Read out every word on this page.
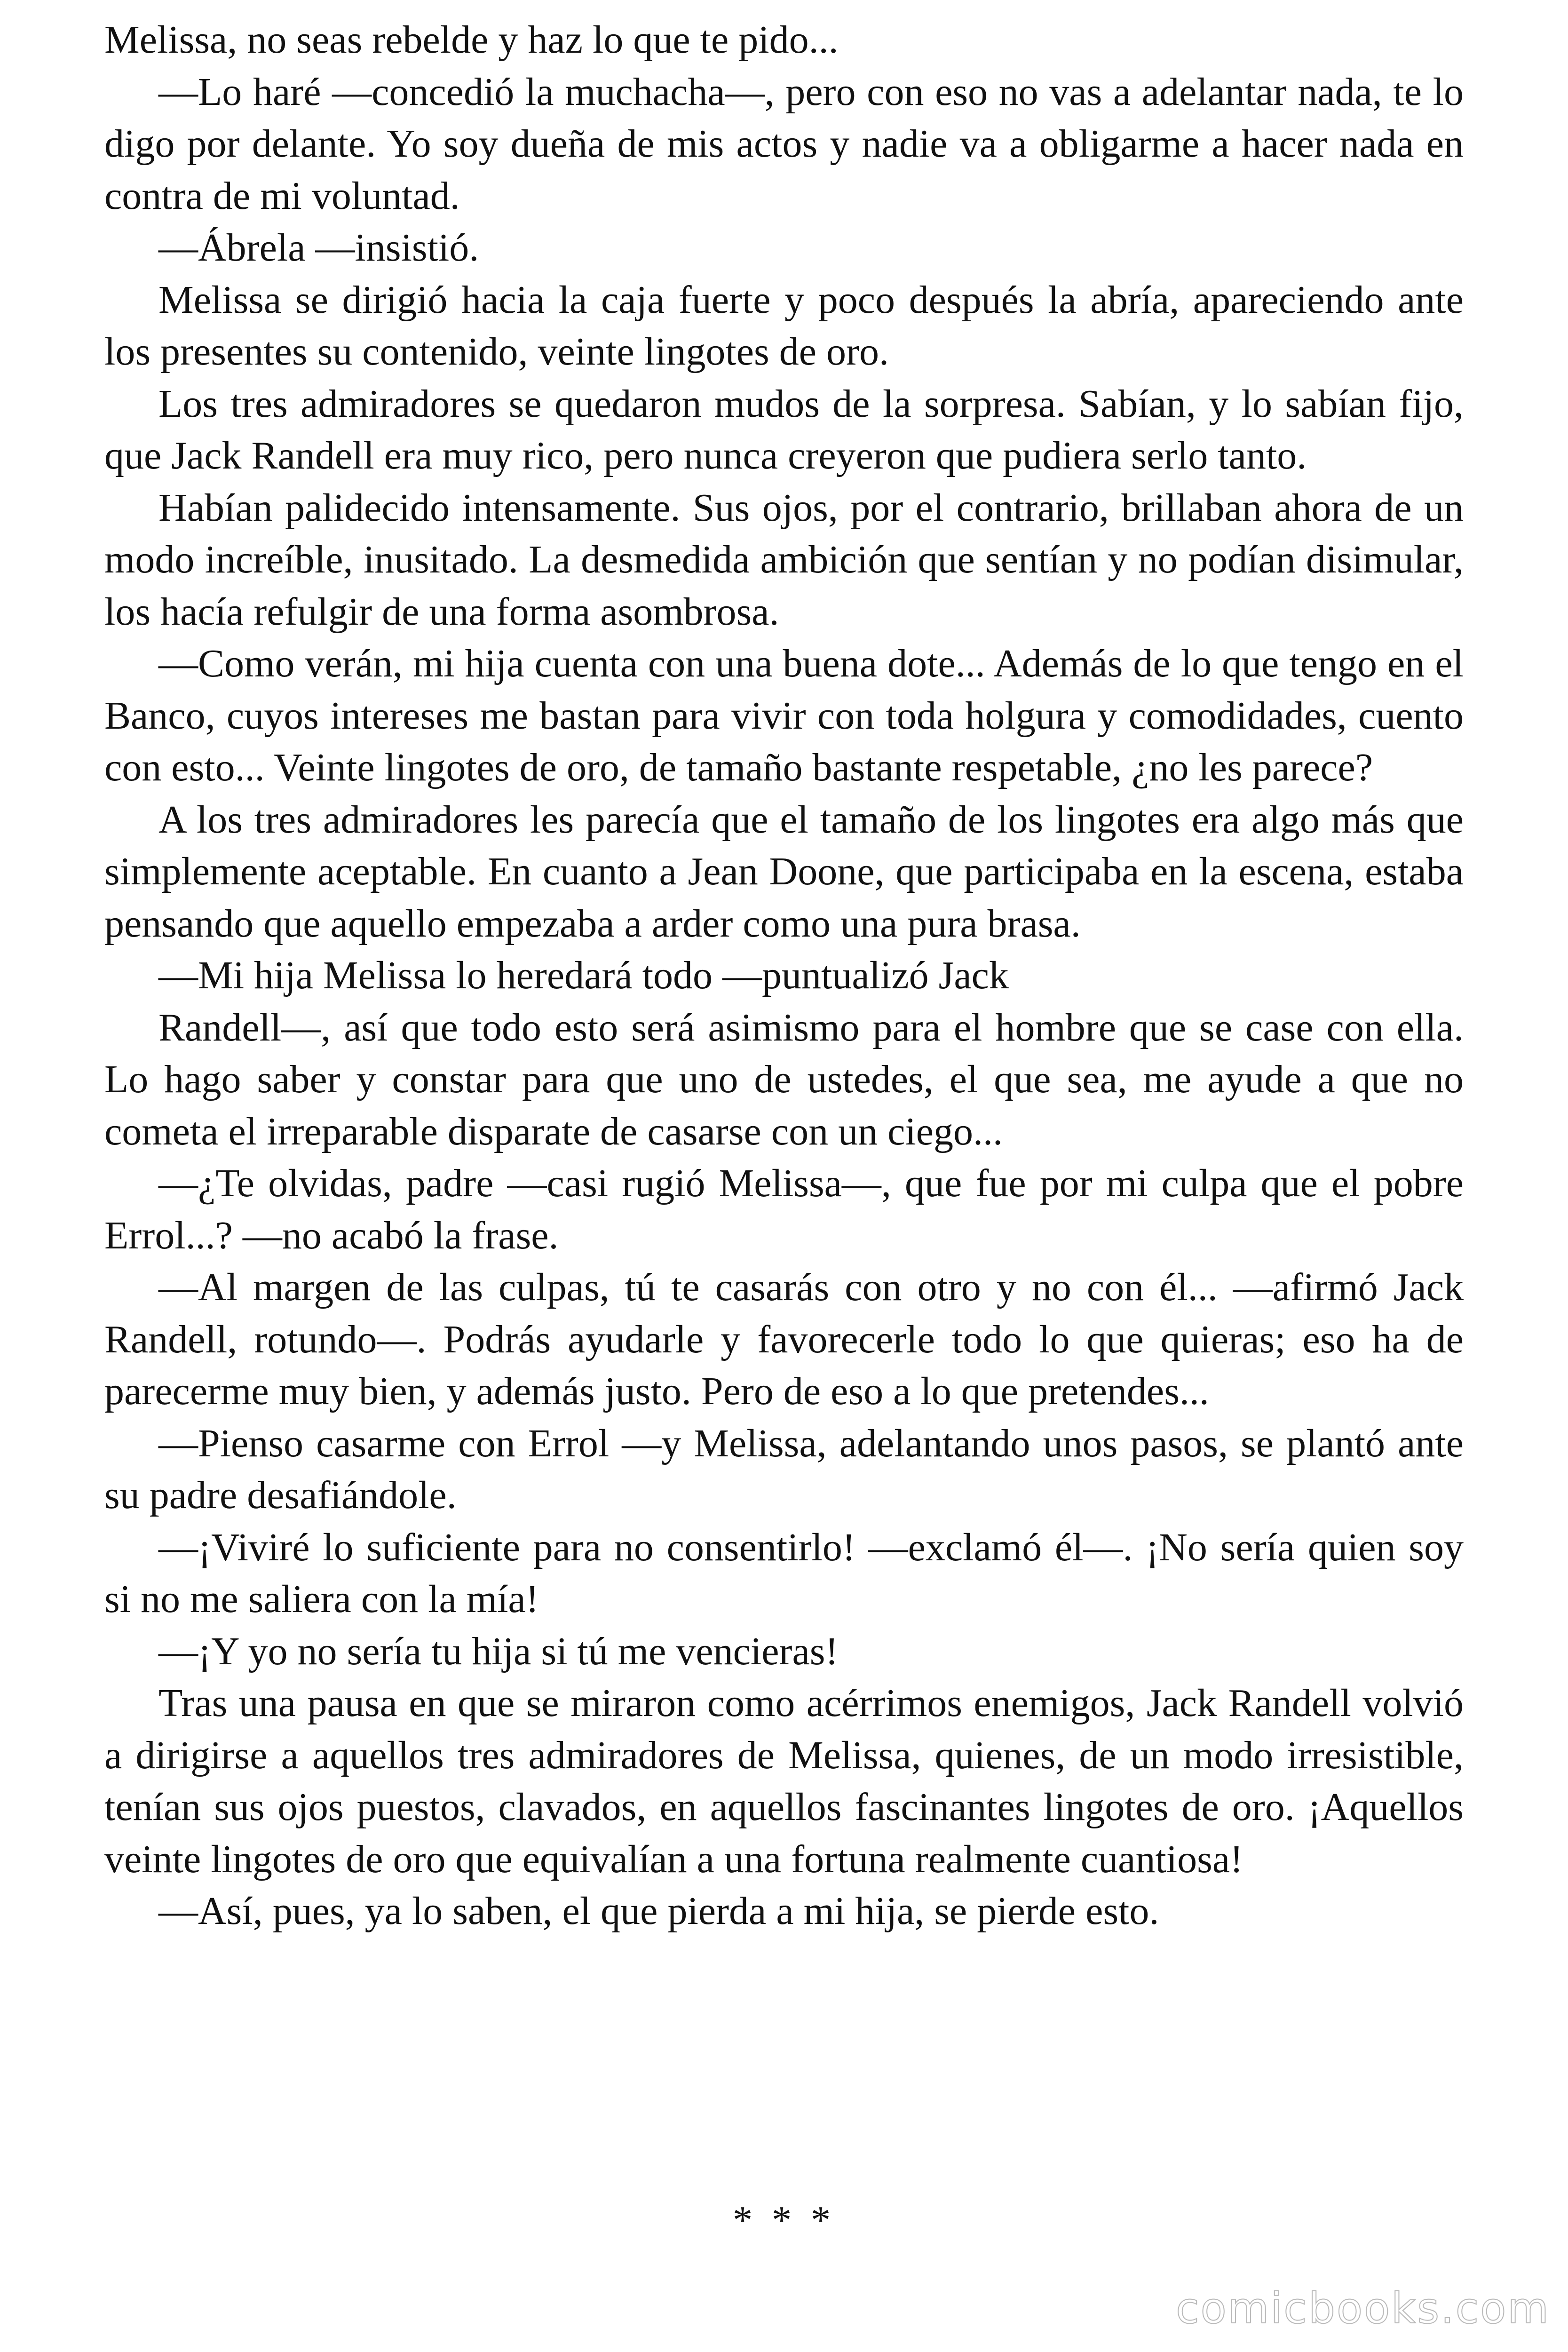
Melissa, no seas rebelde y haz lo que te pido...

—Lo haré —concedió la muchacha—, pero con eso no vas a adelantar nada, te lo digo por delante. Yo soy dueña de mis actos y nadie va a obligarme a hacer nada en contra de mi voluntad.

—Ábrela —insistió.

Melissa se dirigió hacia la caja fuerte y poco después la abría, apareciendo ante los presentes su contenido, veinte lingotes de oro.

Los tres admiradores se quedaron mudos de la sorpresa. Sabían, y lo sabían fijo, que Jack Randell era muy rico, pero nunca creyeron que pudiera serlo tanto.

Habían palidecido intensamente. Sus ojos, por el contrario, brillaban ahora de un modo increíble, inusitado. La desmedida ambición que sentían y no podían disimular, los hacía refulgir de una forma asombrosa.

—Como verán, mi hija cuenta con una buena dote... Además de lo que tengo en el Banco, cuyos intereses me bastan para vivir con toda holgura y comodidades, cuento con esto... Veinte lingotes de oro, de tamaño bastante respetable, ¿no les parece?

A los tres admiradores les parecía que el tamaño de los lingotes era algo más que simplemente aceptable. En cuanto a Jean Doone, que participaba en la escena, estaba pensando que aquello empezaba a arder como una pura brasa.

—Mi hija Melissa lo heredará todo —puntualizó Jack

Randell—, así que todo esto será asimismo para el hombre que se case con ella. Lo hago saber y constar para que uno de ustedes, el que sea, me ayude a que no cometa el irreparable disparate de casarse con un ciego...

—¿Te olvidas, padre —casi rugió Melissa—, que fue por mi culpa que el pobre Errol...? —no acabó la frase.

—Al margen de las culpas, tú te casarás con otro y no con él... —afirmó Jack Randell, rotundo—. Podrás ayudarle y favorecerle todo lo que quieras; eso ha de parecerme muy bien, y además justo. Pero de eso a lo que pretendes...

—Pienso casarme con Errol —y Melissa, adelantando unos pasos, se plantó ante su padre desafiándole.

—¡Viviré lo suficiente para no consentirlo! —exclamó él—. ¡No sería quien soy si no me saliera con la mía!

—¡Y yo no sería tu hija si tú me vencieras!

Tras una pausa en que se miraron como acérrimos enemigos, Jack Randell volvió a dirigirse a aquellos tres admiradores de Melissa, quienes, de un modo irresistible, tenían sus ojos puestos, clavados, en aquellos fascinantes lingotes de oro. ¡Aquellos veinte lingotes de oro que equivalían a una fortuna realmente cuantiosa!

—Así, pues, ya lo saben, el que pierda a mi hija, se pierde esto.

* * *

comicbooks.com
